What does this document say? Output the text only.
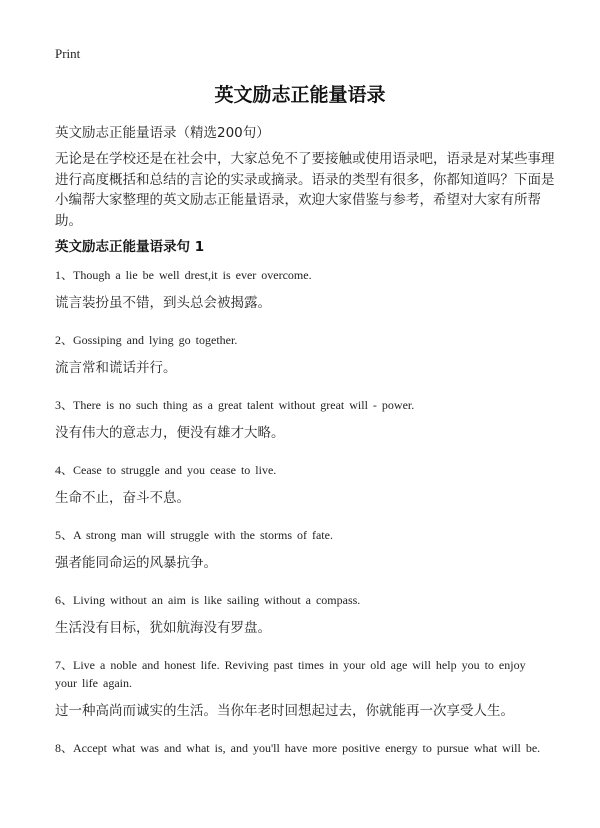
Print
英文励志正能量语录
英文励志正能量语录（精选200句）

无论是在学校还是在社会中，大家总免不了要接触或使用语录吧，语录是对某些事理进行高度概括和总结的言论的实录或摘录。语录的类型有很多，你都知道吗？下面是小编帮大家整理的英文励志正能量语录，欢迎大家借鉴与参考，希望对大家有所帮助。

英文励志正能量语录句 1

1、Though a lie be well drest,it is ever overcome.

谎言装扮虽不错，到头总会被揭露。

2、Gossiping and lying go together.

流言常和谎话并行。

3、There is no such thing as a great talent without great will - power.

没有伟大的意志力，便没有雄才大略。

4、Cease to struggle and you cease to live.

生命不止，奋斗不息。

5、A strong man will struggle with the storms of fate.

强者能同命运的风暴抗争。

6、Living without an aim is like sailing without a compass.

生活没有目标，犹如航海没有罗盘。

7、Live a noble and honest life. Reviving past times in your old age will help you to enjoy your life again.

过一种高尚而诚实的生活。当你年老时回想起过去，你就能再一次享受人生。

8、Accept what was and what is, and you'll have more positive energy to pursue what will be.
